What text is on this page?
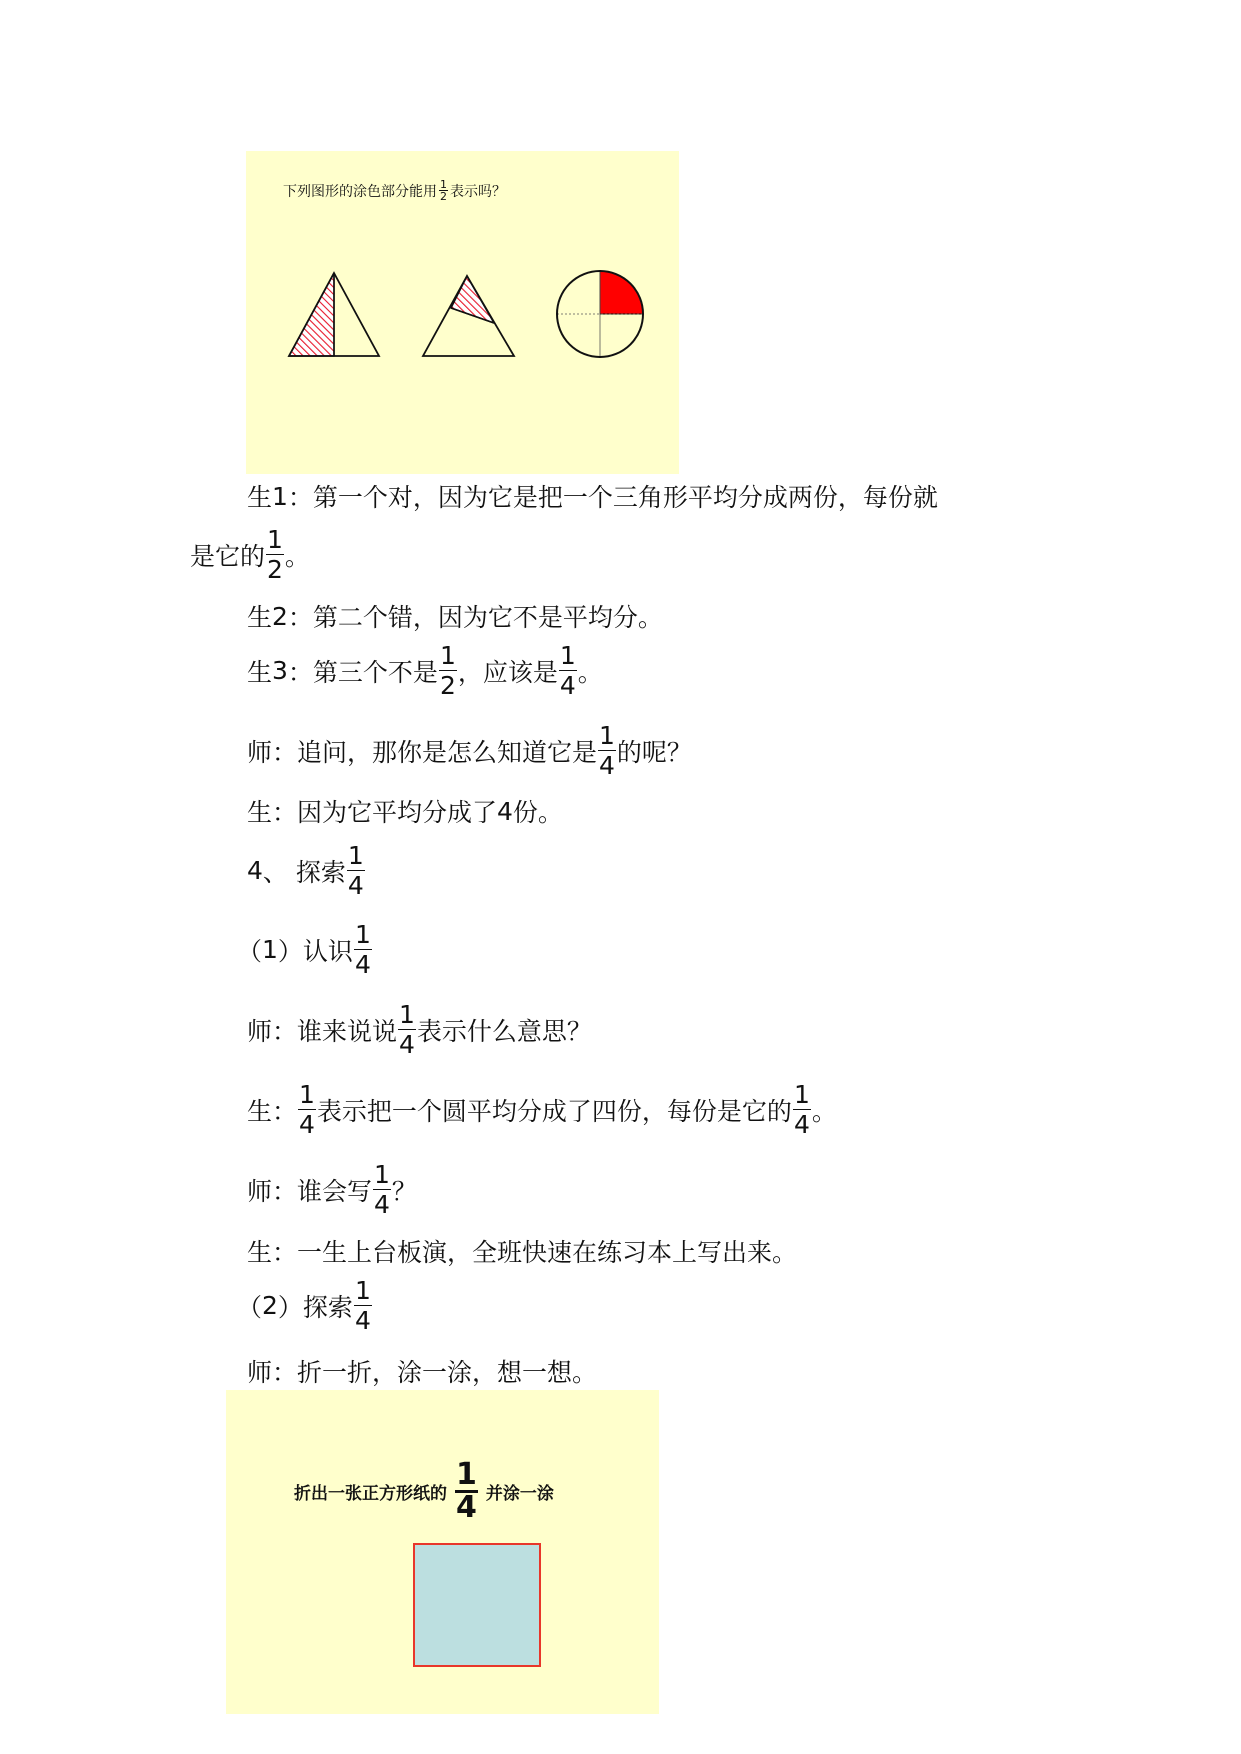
下列图形的涂色部分能用 1
2 表示吗？
生 1 ：第一个对，因为它是把一个三角形平均分成两份，每份就
是它的
1
2 。
生 2 ：第二个错，因为它不是平均分。
生 3 ：第三个不是
1
2 ，应该是
1
4 。
师：追问，那你是怎么知道它是
1
4 的呢？
生：因为它平均分成了 4 份。
4 、 探索
1
4
（ 1 ）认识
1
4
师：谁来说说
1
4 表示什么意思？
生：
1
4 表示把一个圆平均分成了四份，每份是它的
1
4 。
师：谁会写
1
4 ？
生：一生上台板演，全班快速在练习本上写出来。
（ 2 ）探索
1
4
师：折一折，涂一涂，想一想。
折出一张正方形纸的
1
4 并涂一涂
